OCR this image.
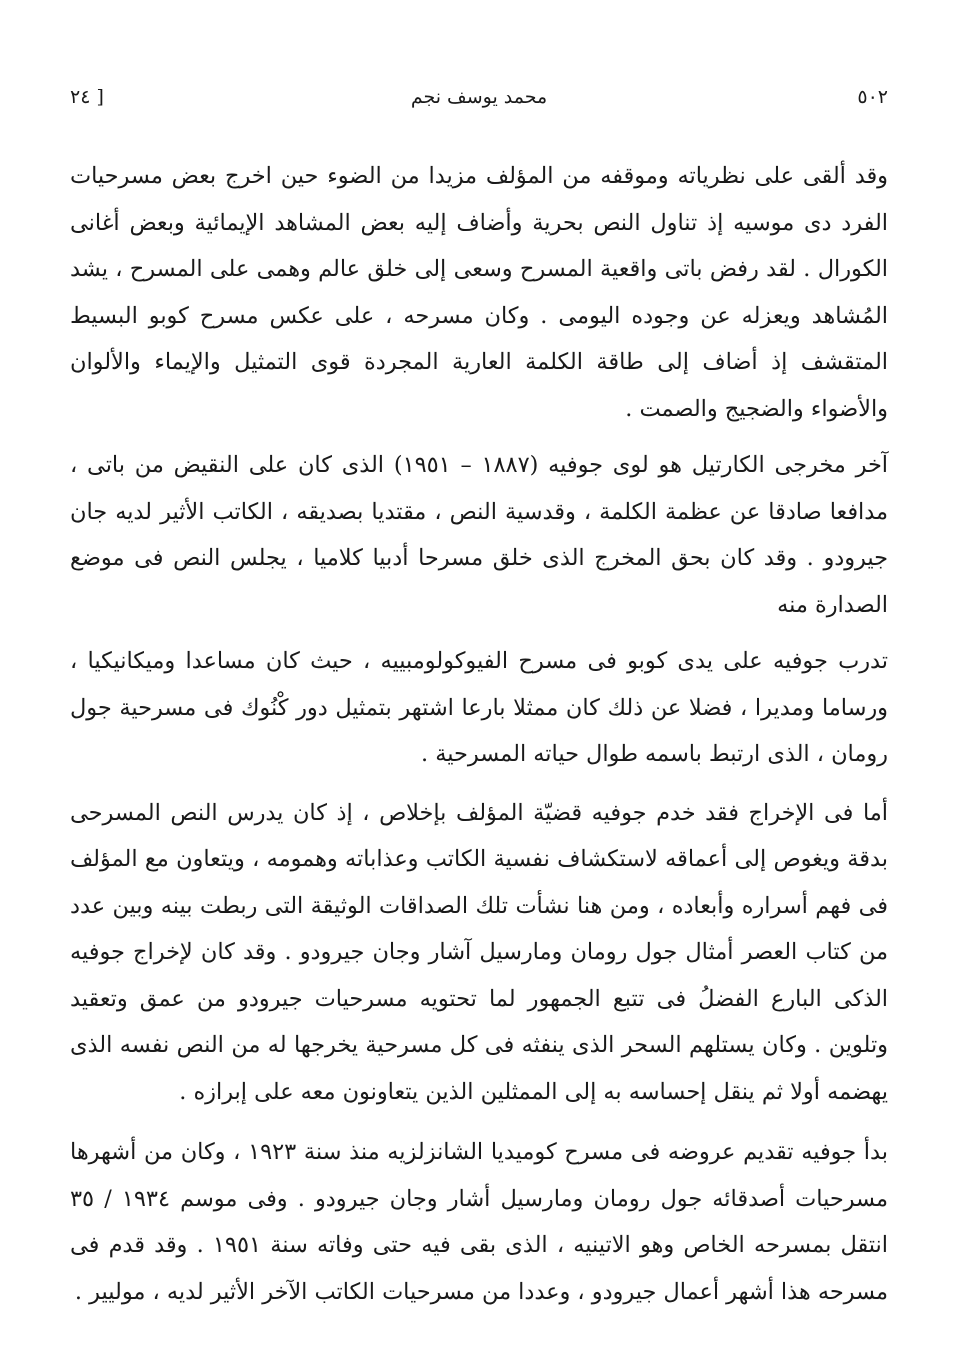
٥٠٢
محمد يوسف نجم
[ ٢٤

وقد ألقى على نظرياته وموقفه من المؤلف مزيدا من الضوء حين اخرج بعض مسرحيات الفرد دى موسيه إذ تناول النص بحرية وأضاف إليه بعض المشاهد الإيمائية وبعض أغانى الكورال . لقد رفض باتى واقعية المسرح وسعى إلى خلق عالم وهمى على المسرح ، يشد المُشاهد ويعزله عن وجوده اليومى . وكان مسرحه ، على عكس مسرح كوبو البسيط المتقشف إذ أضاف إلى طاقة الكلمة العارية المجردة قوى التمثيل والإيماء والألوان والأضواء والضجيج والصمت .

آخر مخرجى الكارتيل هو لوى جوفيه (١٨٨٧ – ١٩٥١) الذى كان على النقيض من باتى ، مدافعا صادقا عن عظمة الكلمة ، وقدسية النص ، مقتديا بصديقه ، الكاتب الأثير لديه جان جيرودو . وقد كان بحق المخرج الذى خلق مسرحا أدبيا كلاميا ، يجلس النص فى موضع الصدارة منه

تدرب جوفيه على يدى كوبو فى مسرح الفيوكولومبييه ، حيث كان مساعدا وميكانيكيا ، ورساما ومديرا ، فضلا عن ذلك كان ممثلا بارعا اشتهر بتمثيل دور كْنُوك فى مسرحية جول رومان ، الذى ارتبط باسمه طوال حياته المسرحية .

أما فى الإخراج فقد خدم جوفيه قضيّة المؤلف بإخلاص ، إذ كان يدرس النص المسرحى بدقة ويغوص إلى أعماقه لاستكشاف نفسية الكاتب وعذاباته وهمومه ، ويتعاون مع المؤلف فى فهم أسراره وأبعاده ، ومن هنا نشأت تلك الصداقات الوثيقة التى ربطت بينه وبين عدد من كتاب العصر أمثال جول رومان ومارسيل آشار وجان جيرودو . وقد كان لإخراج جوفيه الذكى البارع الفضلُ فى تتبع الجمهور لما تحتويه مسرحيات جيرودو من عمق وتعقيد وتلوين . وكان يستلهم السحر الذى ينفثه فى كل مسرحية يخرجها له من النص نفسه الذى يهضمه أولا ثم ينقل إحساسه به إلى الممثلين الذين يتعاونون معه على إبرازه .

بدأ جوفيه تقديم عروضه فى مسرح كوميديا الشانزلزيه منذ سنة ١٩٢٣ ، وكان من أشهرها مسرحيات أصدقائه جول رومان ومارسيل أشار وجان جيرودو . وفى موسم ١٩٣٤ / ٣٥ انتقل بمسرحه الخاص وهو الاتينيه ، الذى بقى فيه حتى وفاته سنة ١٩٥١ . وقد قدم فى مسرحه هذا أشهر أعمال جيرودو ، وعددا من مسرحيات الكاتب الآخر الأثير لديه ، موليير .
